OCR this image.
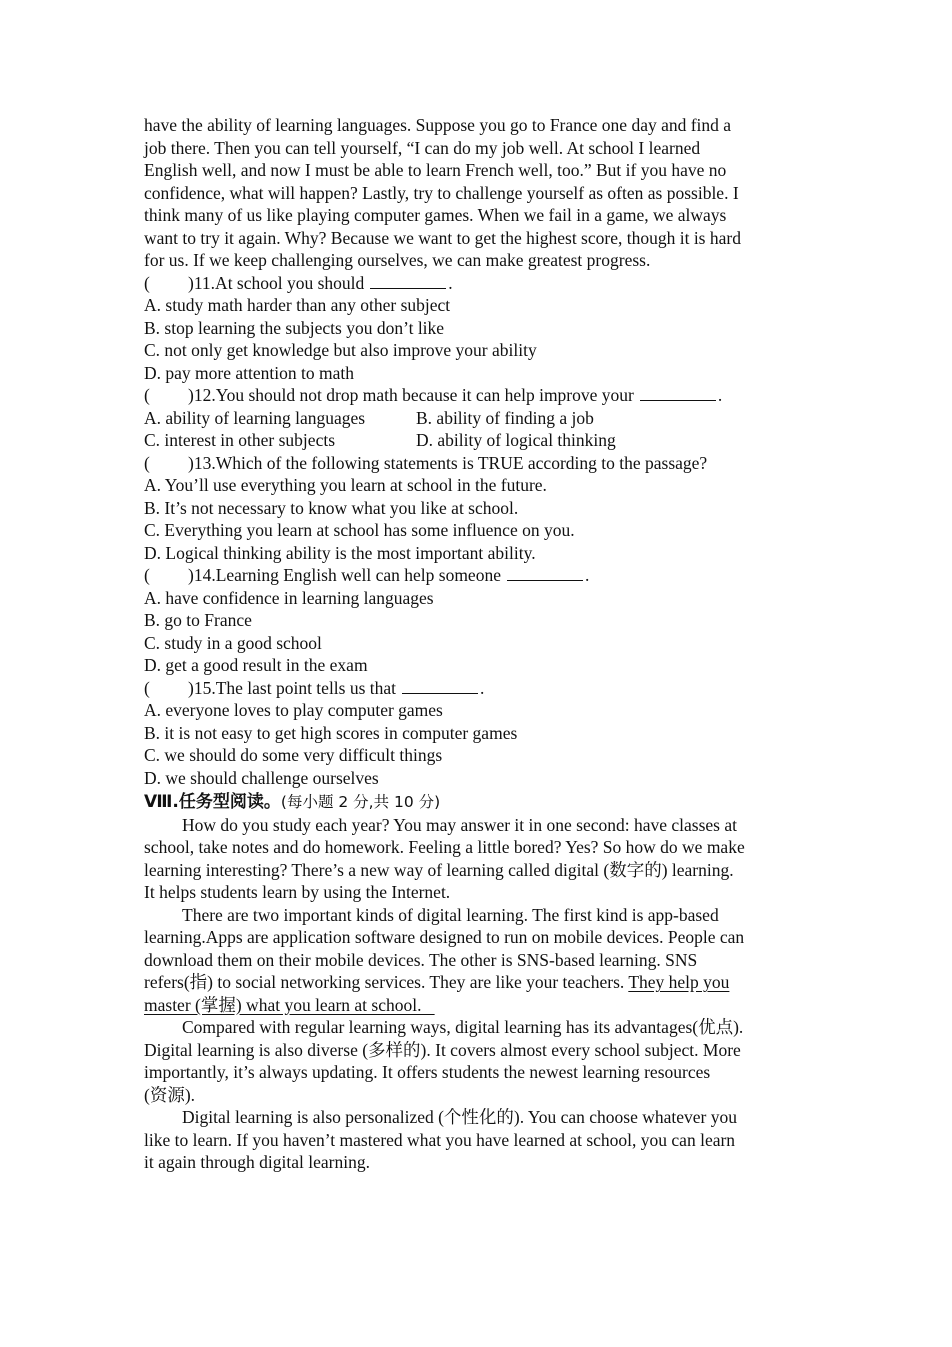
have the ability of learning languages. Suppose you go to France one day and find a
job there. Then you can tell yourself, “I can do my job well. At school I learned
English well, and now I must be able to learn French well, too.” But if you have no
confidence, what will happen? Lastly, try to challenge yourself as often as possible. I
think many of us like playing computer games. When we fail in a game, we always
want to try it again. Why? Because we want to get the highest score, though it is hard
for us. If we keep challenging ourselves, we can make greatest progress.
( )11.At school you should	.
A. study math harder than any other subject
B. stop learning the subjects you don’t like
C. not only get knowledge but also improve your ability
D. pay more attention to math
( )12.You should not drop math because it can help improve your	.
A. ability of learning languages	B. ability of finding a job
C. interest in other subjects	D. ability of logical thinking
( )13.Which of the following statements is TRUE according to the passage?
A. You’ll use everything you learn at school in the future.
B. It’s not necessary to know what you like at school.
C. Everything you learn at school has some influence on you.
D. Logical thinking ability is the most important ability.
( )14.Learning English well can help someone	.
A. have confidence in learning languages
B. go to France
C. study in a good school
D. get a good result in the exam
( )15.The last point tells us that	.
A. everyone loves to play computer games
B. it is not easy to get high scores in computer games
C. we should do some very difficult things
D. we should challenge ourselves
Ⅷ.任务型阅读。(每小题 2 分,共 10 分)
How do you study each year? You may answer it in one second: have classes at
school, take notes and do homework. Feeling a little bored? Yes? So how do we make
learning interesting? There’s a new way of learning called digital (数字的) learning.
It helps students learn by using the Internet.
There are two important kinds of digital learning. The first kind is app-based
learning.Apps are application software designed to run on mobile devices. People can
download them on their mobile devices. The other is SNS-based learning. SNS
refers(指) to social networking services. They are like your teachers. They help you
master (掌握) what you learn at school.
Compared with regular learning ways, digital learning has its advantages(优点).
Digital learning is also diverse (多样的). It covers almost every school subject. More
importantly, it’s always updating. It offers students the newest learning resources
(资源).
Digital learning is also personalized (个性化的). You can choose whatever you
like to learn. If you haven’t mastered what you have learned at school, you can learn
it again through digital learning.
